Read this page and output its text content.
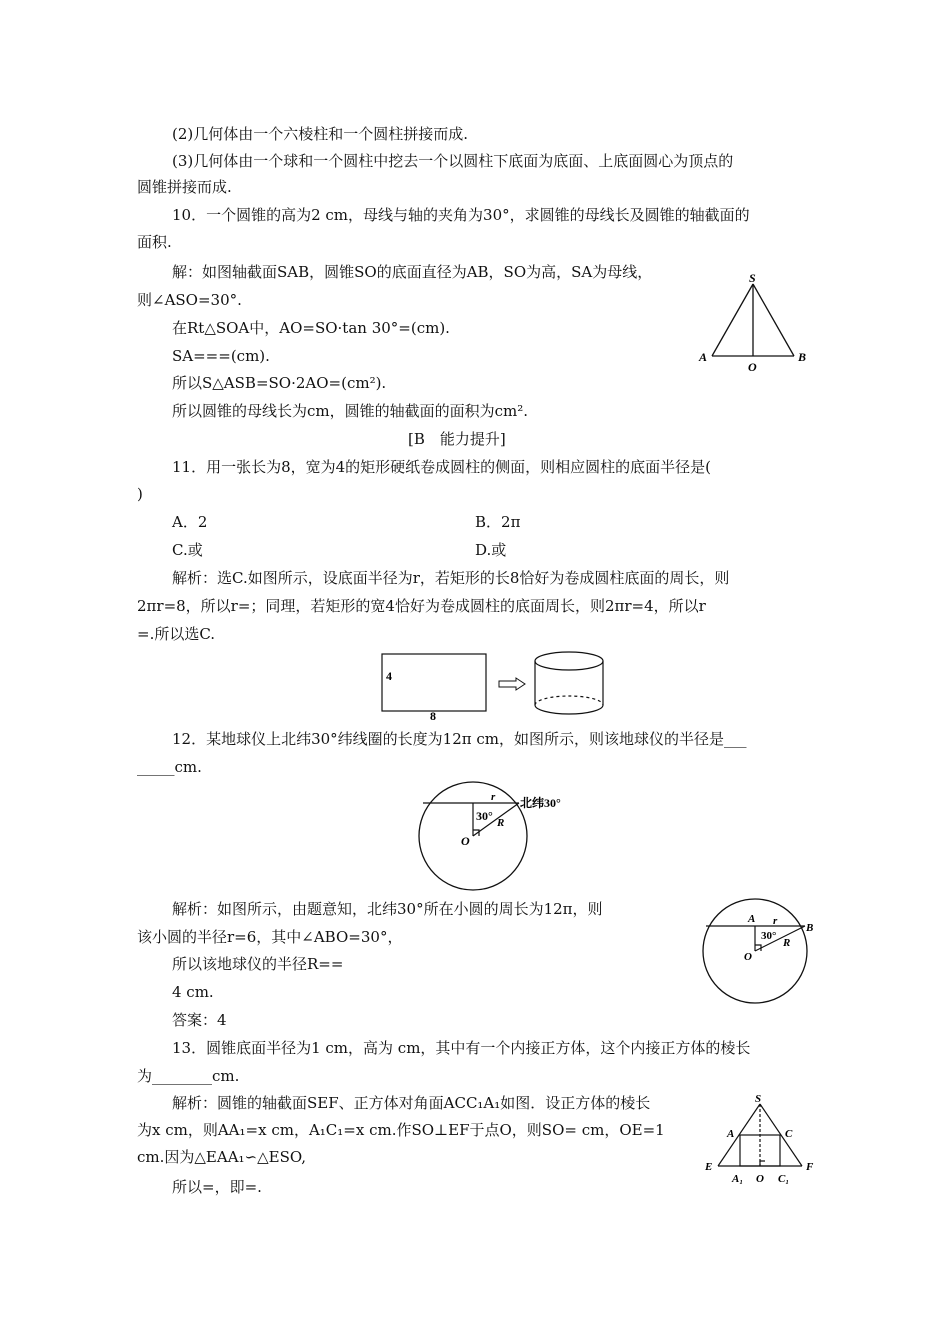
(2)几何体由一个六棱柱和一个圆柱拼接而成.
(3)几何体由一个球和一个圆柱中挖去一个以圆柱下底面为底面、上底面圆心为顶点的
圆锥拼接而成.
10．一个圆锥的高为2 cm，母线与轴的夹角为30°，求圆锥的母线长及圆锥的轴截面的
面积.
解：如图轴截面SAB，圆锥SO的底面直径为AB，SO为高，SA为母线，
则∠ASO=30°.
在Rt△SOA中，AO=SO·tan 30°=(cm).
SA===(cm).
所以S△ASB=SO·2AO=(cm²).
所以圆锥的母线长为cm，圆锥的轴截面的面积为cm².
[B　能力提升]
11．用一张长为8，宽为4的矩形硬纸卷成圆柱的侧面，则相应圆柱的底面半径是(
)
A．2	B．2π
C.或	D.或
解析：选C.如图所示，设底面半径为r，若矩形的长8恰好为卷成圆柱底面的周长，则
2πr=8，所以r=；同理，若矩形的宽4恰好为卷成圆柱的底面周长，则2πr=4，所以r
=.所以选C.
12．某地球仪上北纬30°纬线圈的长度为12π cm，如图所示，则该地球仪的半径是___
_____cm.
解析：如图所示，由题意知，北纬30°所在小圆的周长为12π，则
该小圆的半径r=6，其中∠ABO=30°，
所以该地球仪的半径R==
4 cm.
答案：4
13．圆锥底面半径为1 cm，高为 cm，其中有一个内接正方体，这个内接正方体的棱长
为________cm.
解析：圆锥的轴截面SEF、正方体对角面ACC₁A₁如图．设正方体的棱长
为x cm，则AA₁=x cm，A₁C₁=x cm.作SO⊥EF于点O，则SO= cm，OE=1
cm.因为△EAA₁∽△ESO,
所以=，即=.
S
A
O
B
4
8
r
30° R
北纬30°
O
A r
30°
R
B
O
S
A	C
E	F
A₁ O C₁
